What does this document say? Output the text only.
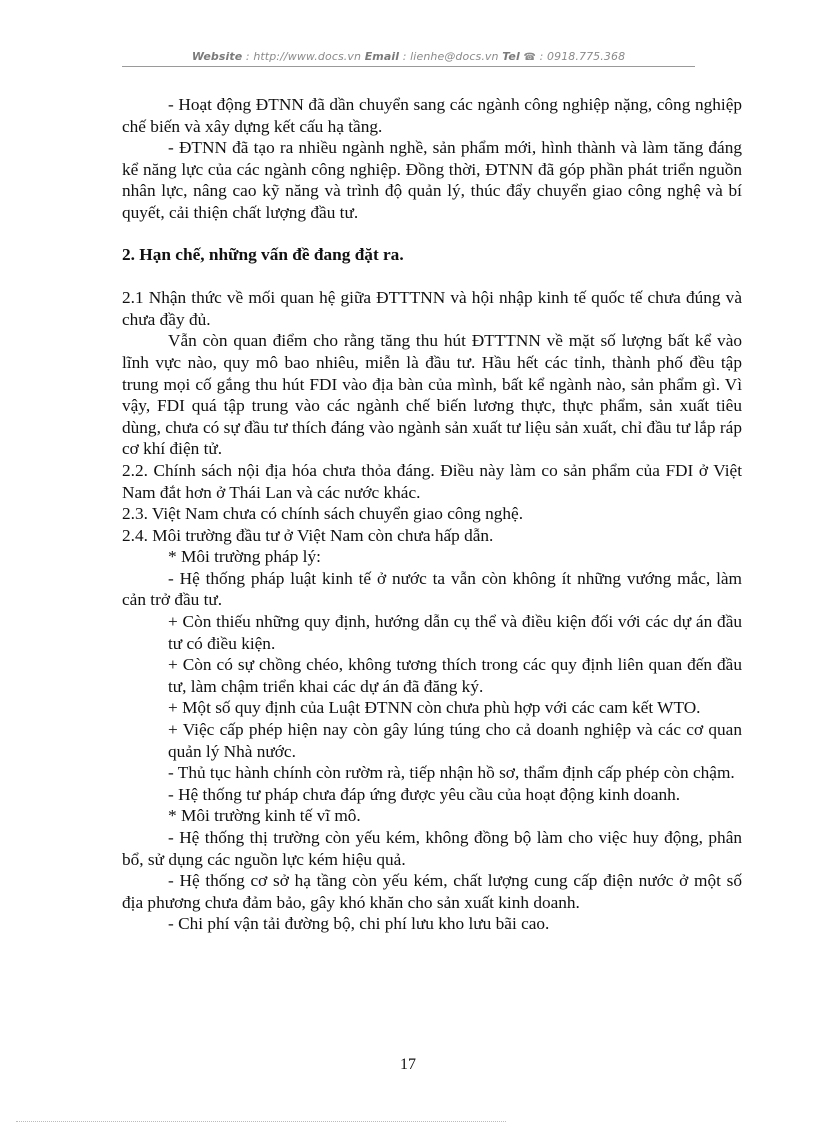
Website : http://www.docs.vn Email : lienhe@docs.vn Tel ☎ : 0918.775.368

- Hoạt động ĐTNN đã dần chuyển sang các ngành công nghiệp nặng, công nghiệp chế biến và xây dựng kết cấu hạ tầng.

- ĐTNN đã tạo ra nhiều ngành nghề, sản phẩm mới, hình thành và làm tăng đáng kể năng lực của các ngành công nghiệp. Đồng thời, ĐTNN đã góp phần phát triển nguồn nhân lực, nâng cao kỹ năng và trình độ quản lý, thúc đẩy chuyển giao công nghệ và bí quyết, cải thiện chất lượng đầu tư.

2. Hạn chế, những vấn đề đang đặt ra.

2.1 Nhận thức về mối quan hệ giữa ĐTTTNN và hội nhập kinh tế quốc tế chưa đúng và chưa đầy đủ.

Vẫn còn quan điểm cho rằng tăng thu hút ĐTTTNN về mặt số lượng bất kể vào lĩnh vực nào, quy mô bao nhiêu, miễn là đầu tư. Hầu hết các tỉnh, thành phố đều tập trung mọi cố gắng thu hút FDI vào địa bàn của mình, bất kể ngành nào, sản phẩm gì. Vì vậy, FDI quá tập trung vào các ngành chế biến lương thực, thực phẩm, sản xuất tiêu dùng, chưa có sự đầu tư thích đáng vào ngành sản xuất tư liệu sản xuất, chỉ đầu tư lắp ráp cơ khí điện tử.

2.2. Chính sách nội địa hóa chưa thỏa đáng. Điều này làm co sản phẩm của FDI ở Việt Nam đắt hơn ở Thái Lan và các nước khác.

2.3. Việt Nam chưa có chính sách chuyển giao công nghệ.

2.4. Môi trường đầu tư ở Việt Nam còn chưa hấp dẫn.

* Môi trường pháp lý:

- Hệ thống pháp luật kinh tế ở nước ta vẫn còn không ít những vướng mắc, làm cản trở đầu tư.

+ Còn thiếu những quy định, hướng dẫn cụ thể và điều kiện đối với các dự án đầu tư có điều kiện.

+ Còn có sự chồng chéo, không tương thích trong các quy định liên quan đến đầu tư, làm chậm triển khai các dự án đã đăng ký.

+ Một số quy định của Luật ĐTNN còn chưa phù hợp với các cam kết WTO.

+ Việc cấp phép hiện nay còn gây lúng túng cho cả doanh nghiệp và các cơ quan quản lý Nhà nước.

- Thủ tục hành chính còn rườm rà, tiếp nhận hồ sơ, thẩm định cấp phép còn chậm.

- Hệ thống tư pháp chưa đáp ứng được yêu cầu của hoạt động kinh doanh.

* Môi trường kinh tế vĩ mô.

- Hệ thống thị trường còn yếu kém, không đồng bộ làm cho việc huy động, phân bổ, sử dụng các nguồn lực kém hiệu quả.

- Hệ thống cơ sở hạ tầng còn yếu kém, chất lượng cung cấp điện nước ở một số địa phương chưa đảm bảo, gây khó khăn cho sản xuất kinh doanh.

- Chi phí vận tải đường bộ, chi phí lưu kho lưu bãi cao.

17
